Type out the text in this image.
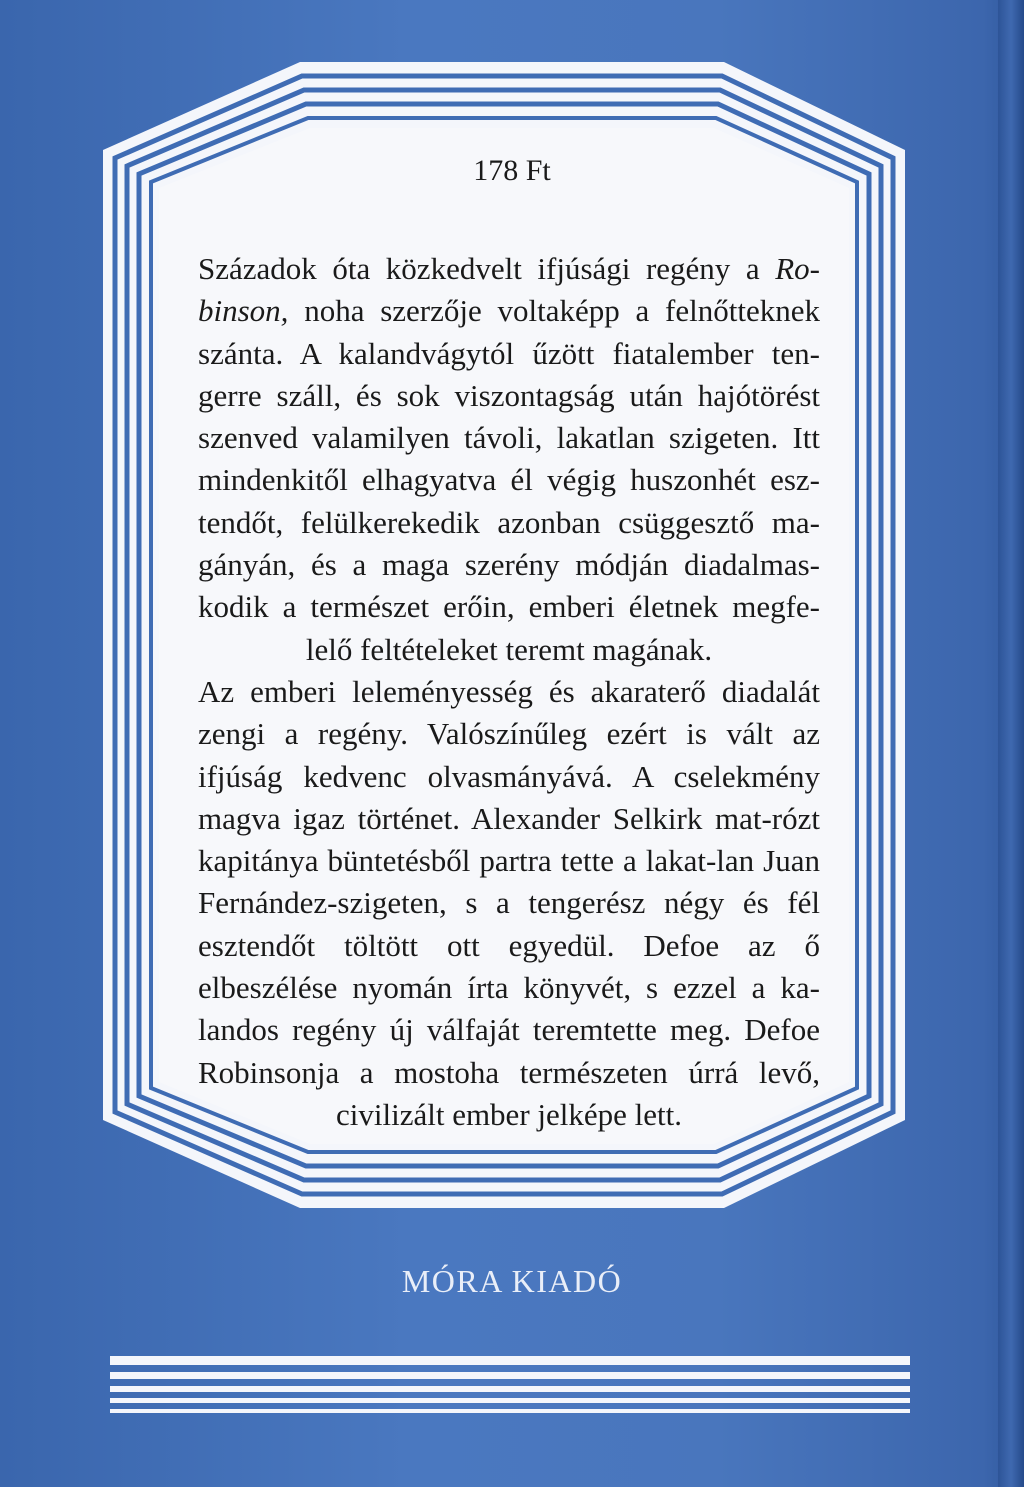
178 Ft

Századok óta közkedvelt ifjúsági regény a Ro-binson, noha szerzője voltaképp a felnőtteknek szánta. A kalandvágytól űzött fiatalember ten-gerre száll, és sok viszontagság után hajótörést szenved valamilyen távoli, lakatlan szigeten. Itt mindenkitől elhagyatva él végig huszonhét esz-tendőt, felülkerekedik azonban csüggesztő ma-gányán, és a maga szerény módján diadalmas-kodik a természet erőin, emberi életnek megfe-lelő feltételeket teremt magának.

Az emberi leleményesség és akaraterő diadalát zengi a regény. Valószínűleg ezért is vált az ifjúság kedvenc olvasmányává. A cselekmény magva igaz történet. Alexander Selkirk mat-rózt kapitánya büntetésből partra tette a lakat-lan Juan Fernández-szigeten, s a tengerész négy és fél esztendőt töltött ott egyedül. Defoe az ő elbeszélése nyomán írta könyvét, s ezzel a ka-landos regény új válfaját teremtette meg. Defoe Robinsonja a mostoha természeten úrrá levő, civilizált ember jelképe lett.

MÓRA KIADÓ
